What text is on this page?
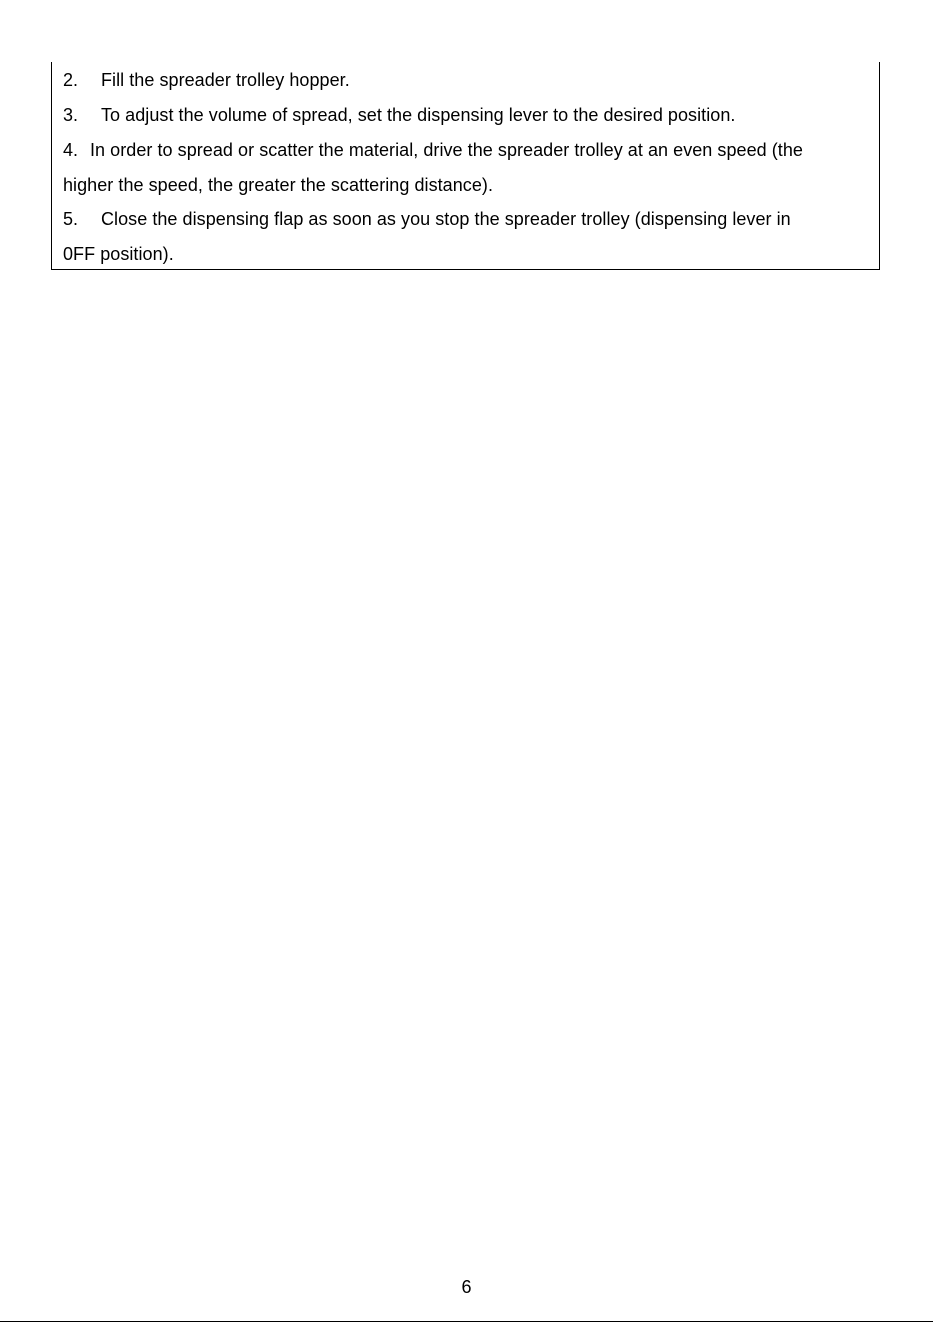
2. Fill the spreader trolley hopper.
3. To adjust the volume of spread, set the dispensing lever to the desired position.
4. In order to spread or scatter the material, drive the spreader trolley at an even speed (the
higher the speed, the greater the scattering distance).
5. Close the dispensing flap as soon as you stop the spreader trolley (dispensing lever in
0FF position).
6
